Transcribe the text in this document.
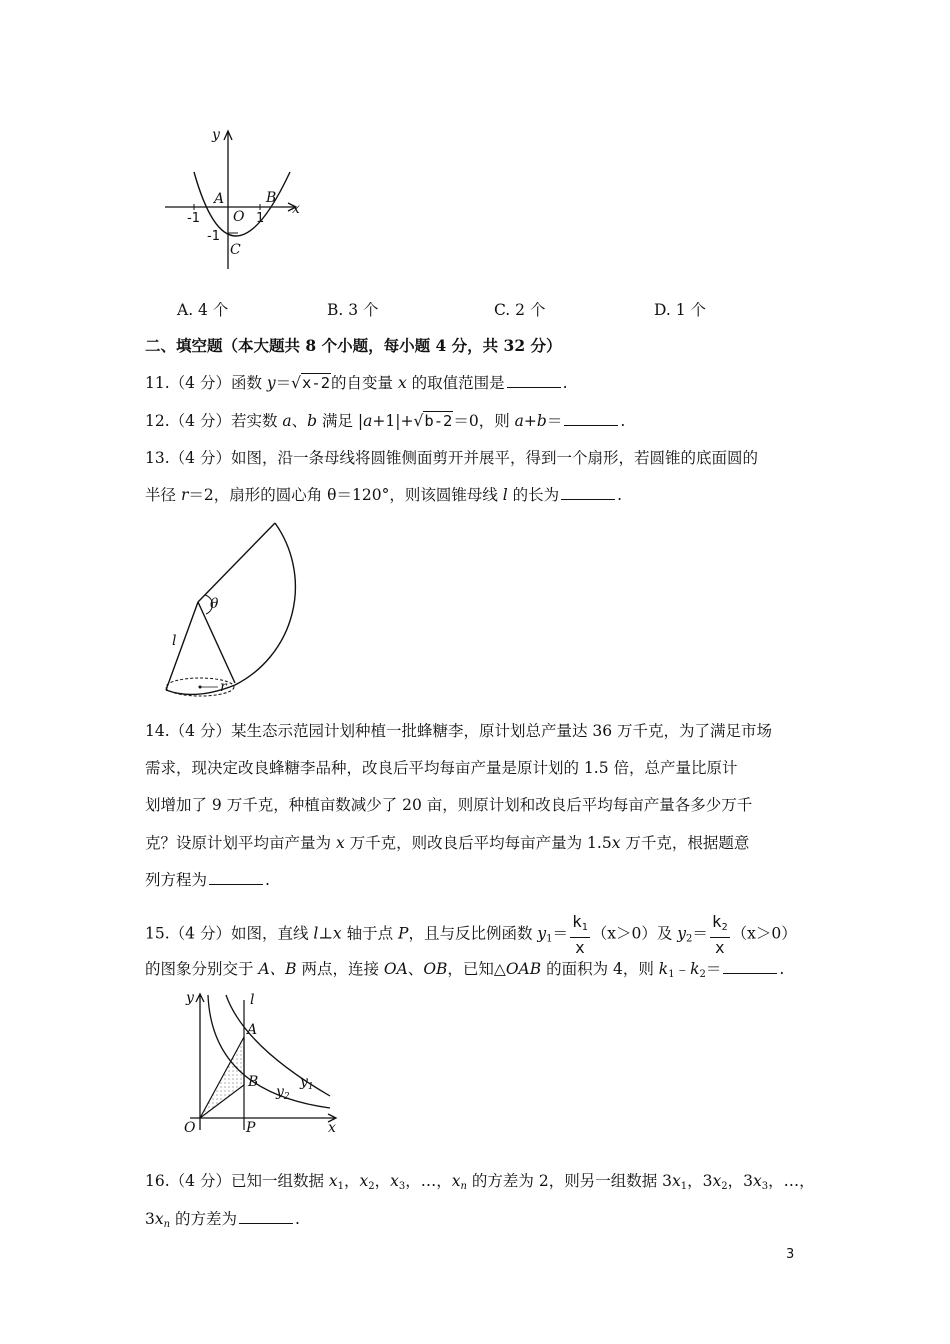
y
x
A	B
O
C
-1	1
-1
A. 4 个	B. 3 个	C. 2 个	D. 1 个
二、填空题（本大题共 8 个小题，每小题 4 分，共 32 分）
11.（4 分）函数 y＝√x-2的自变量 x 的取值范围是	.
12.（4 分）若实数 a、b 满足 |a+1|+√b-2＝0，则 a+b＝	.
13.（4 分）如图，沿一条母线将圆锥侧面剪开并展平，得到一个扇形，若圆锥的底面圆的
半径 r＝2，扇形的圆心角 θ＝120°，则该圆锥母线 l 的长为	.
θ
l
r
14.（4 分）某生态示范园计划种植一批蜂糖李，原计划总产量达 36 万千克，为了满足市场
需求，现决定改良蜂糖李品种，改良后平均每亩产量是原计划的 1.5 倍，总产量比原计
划增加了 9 万千克，种植亩数减少了 20 亩，则原计划和改良后平均每亩产量各多少万千
克？设原计划平均亩产量为 x 万千克，则改良后平均每亩产量为 1.5x 万千克，根据题意
列方程为	.
15.（4 分）如图，直线 l⊥x 轴于点 P，且与反比例函数 $y_1= \frac{k_1}{x} (x>0)$及 $y_2= \frac{k_2}{x} (x>0)$
的图象分别交于 A、B 两点，连接 OA、OB，已知△OAB 的面积为 4，则 $k_1﹣k_2=$	.
y	l
A
B	$y_1$
$y_2$
O	P	x
16.（4 分）已知一组数据 $x_1$，$x_2$，$x_3$，…，$x_n$ 的方差为 2，则另一组数据 $3x_1$，$3x_2$，$3x_3$，…，
$3x_n$ 的方差为	.
3
